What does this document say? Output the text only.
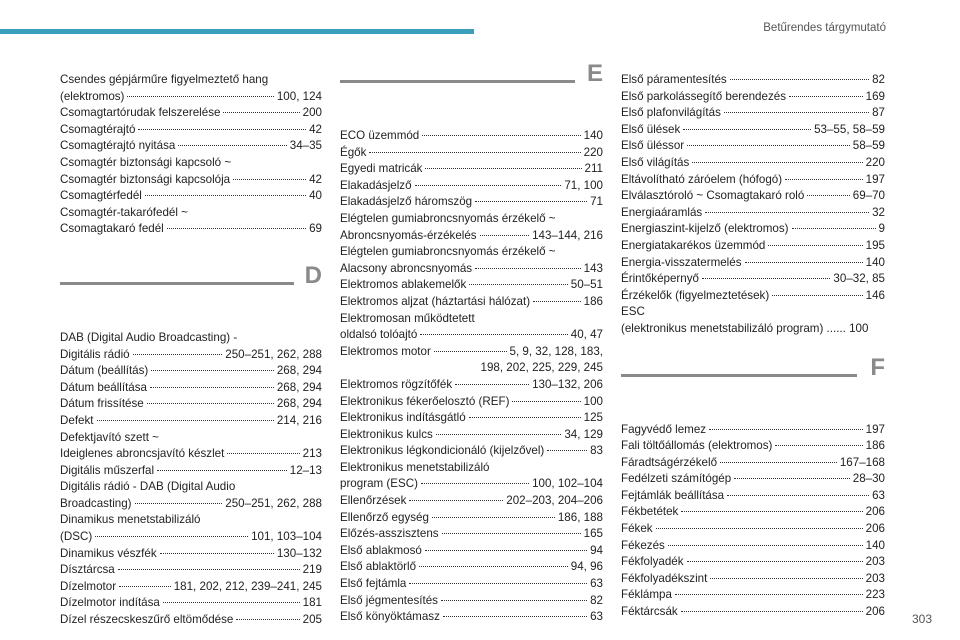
Betűrendes tárgymutató
Csendes gépjárműre figyelmeztető hang
(elektromos)	100, 124
Csomagtartórudak felszerelése	200
Csomagtérajtó	42
Csomagtérajtó nyitása	34–35
Csomagtér biztonsági kapcsoló ~
Csomagtér biztonsági kapcsolója	42
Csomagtérfedél	40
Csomagtér-takarófedél ~
Csomagtakaró fedél	69
D
DAB (Digital Audio Broadcasting) -
Digitális rádió	250–251, 262, 288
Dátum (beállítás)	268, 294
Dátum beállítása	268, 294
Dátum frissítése	268, 294
Defekt	214, 216
Defektjavító szett ~
Ideiglenes abroncsjavító készlet	213
Digitális műszerfal	12–13
Digitális rádió - DAB (Digital Audio
Broadcasting)	250–251, 262, 288
Dinamikus menetstabilizáló
(DSC)	101, 103–104
Dinamikus vészfék	130–132
Dísztárcsa	219
Dízelmotor	181, 202, 212, 239–241, 245
Dízelmotor indítása	181
Dízel részecskeszűrő eltömődése	205
E
ECO üzemmód	140
Égők	220
Egyedi matricák	211
Elakadásjelző	71, 100
Elakadásjelző háromszög	71
Elégtelen gumiabroncsnyomás érzékelő ~
Abroncsnyomás-érzékelés	143–144, 216
Elégtelen gumiabroncsnyomás érzékelő ~
Alacsony abroncsnyomás	143
Elektromos ablakemelők	50–51
Elektromos aljzat (háztartási hálózat)	186
Elektromosan működtetett
oldalsó tolóajtó	40, 47
Elektromos motor	5, 9, 32, 128, 183,
198, 202, 225, 229, 245
Elektromos rögzítőfék	130–132, 206
Elektronikus fékerőelosztó (REF)	100
Elektronikus indításgátló	125
Elektronikus kulcs	34, 129
Elektronikus légkondicionáló (kijelzővel)	83
Elektronikus menetstabilizáló
program (ESC)	100, 102–104
Ellenőrzések	202–203, 204–206
Ellenőrző egység	186, 188
Előzés-asszisztens	165
Első ablakmosó	94
Első ablaktörlő	94, 96
Első fejtámla	63
Első jégmentesítés	82
Első könyöktámasz	63
Első páramentesítés	82
Első parkolássegítő berendezés	169
Első plafonvilágítás	87
Első ülések	53–55, 58–59
Első üléssor	58–59
Első világítás	220
Eltávolítható záróelem (hófogó)	197
Elválasztóroló ~ Csomagtakaró roló	69–70
Energiaáramlás	32
Energiaszint-kijelző (elektromos)	9
Energiatakarékos üzemmód	195
Energia-visszatermelés	140
Érintőképernyő	30–32, 85
Érzékelők (figyelmeztetések)	146
ESC
(elektronikus menetstabilizáló program) ...... 100
F
Fagyvédő lemez	197
Fali töltőállomás (elektromos)	186
Fáradtságérzékelő	167–168
Fedélzeti számítógép	28–30
Fejtámlák beállítása	63
Fékbetétek	206
Fékek	206
Fékezés	140
Fékfolyadék	203
Fékfolyadékszint	203
Féklámpa	223
Féktárcsák	206
303
